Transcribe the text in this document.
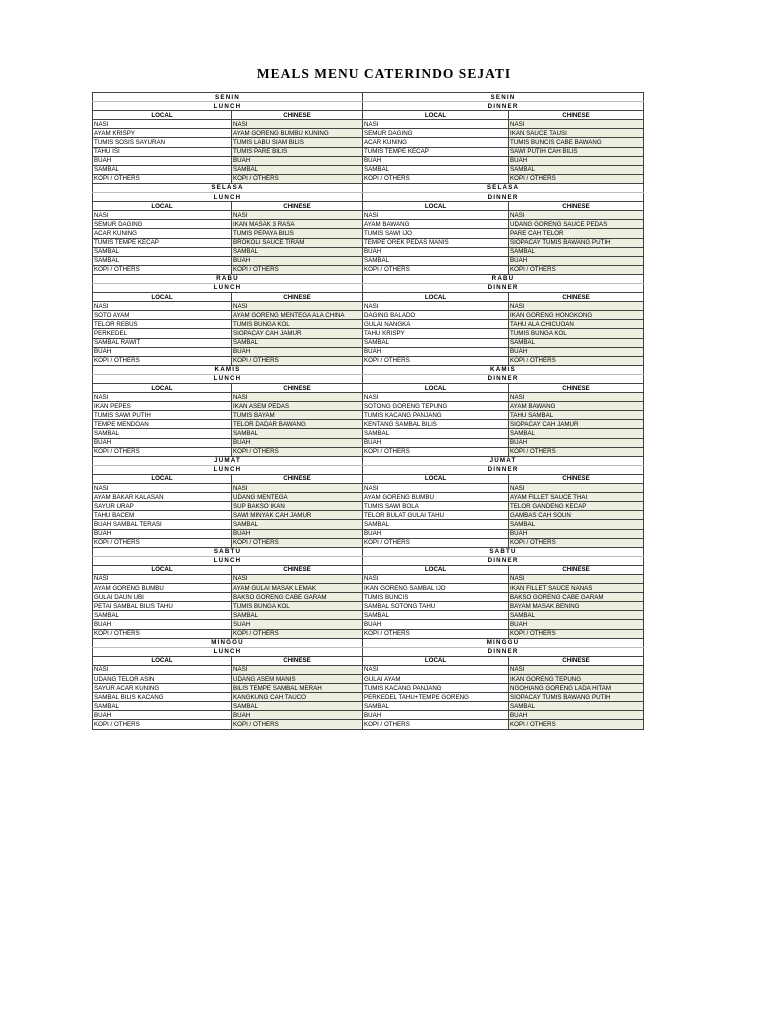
MEALS MENU CATERINDO SEJATI
SENIN		SENIN	
LUNCH		DINNER	
LOCAL	CHINESE	LOCAL	CHINESE
NASI	NASI	NASI	NASI
AYAM KRISPY	AYAM GORENG BUMBU KUNING	SEMUR DAGING	IKAN SAUCE TAUSI
TUMIS SOSIS SAYURAN	TUMIS LABU SIAM BILIS	ACAR KUNING	TUMIS BUNCIS CABE BAWANG
TAHU ISI	TUMIS PARE BILIS	TUMIS TEMPE KECAP	SAWI PUTIH CAH BILIS
BUAH	BUAH	BUAH	BUAH
SAMBAL	SAMBAL	SAMBAL	SAMBAL
KOPI / OTHERS	KOPI / OTHERS	KOPI / OTHERS	KOPI / OTHERS
SELASA		SELASA	
LUNCH		DINNER	
LOCAL	CHINESE	LOCAL	CHINESE
NASI	NASI	NASI	NASI
SEMUR DAGING	IKAN MASAK 3 RASA	AYAM BAWANG	UDANG GORENG SAUCE PEDAS
ACAR KUNING	TUMIS PEPAYA BILIS	TUMIS SAWI IJO	PARE CAH TELOR
TUMIS TEMPE KECAP	BROKOLI SAUCE TIRAM	TEMPE OREK PEDAS MANIS	SIOPACAY TUMIS BAWANG PUTIH
SAMBAL	SAMBAL	BUAH	SAMBAL
SAMBAL	BUAH	SAMBAL	BUAH
KOPI / OTHERS	KOPI / OTHERS	KOPI / OTHERS	KOPI / OTHERS
RABU		RABU	
LUNCH		DINNER	
LOCAL	CHINESE	LOCAL	CHINESE
NASI	NASI	NASI	NASI
SOTO AYAM	AYAM GORENG MENTEGA ALA CHINA	DAGING BALADO	IKAN GORENG HONGKONG
TELOR REBUS	TUMIS BUNGA KOL	GULAI NANGKA	TAHU ALA CHICUOAN
PERKEDEL	SIOPACAY CAH JAMUR	TAHU KRISPY	TUMIS BUNGA KOL
SAMBAL RAWIT	SAMBAL	SAMBAL	SAMBAL
BUAH	BUAH	BUAH	BUAH
KOPI / OTHERS	KOPI / OTHERS	KOPI / OTHERS	KOPI / OTHERS
KAMIS		KAMIS	
LUNCH		DINNER	
LOCAL	CHINESE	LOCAL	CHINESE
NASI	NASI	NASI	NASI
IKAN PEPES	IKAN ASEM PEDAS	SOTONG GORENG TEPUNG	AYAM BAWANG
TUMIS SAWI PUTIH	TUMIS BAYAM	TUMIS KACANG PANJANG	TAHU SAMBAL
TEMPE MENDOAN	TELOR DADAR BAWANG	KENTANG SAMBAL BILIS	SIOPACAY CAH JAMUR
SAMBAL	SAMBAL	SAMBAL	SAMBAL
BUAH	BUAH	BUAH	BUAH
KOPI / OTHERS	KOPI / OTHERS	KOPI / OTHERS	KOPI / OTHERS
JUMAT		JUMAT	
LUNCH		DINNER	
LOCAL	CHINESE	LOCAL	CHINESE
NASI	NASI	NASI	NASI
AYAM BAKAR KALASAN	UDANG MENTEGA	AYAM GORENG BUMBU	AYAM FILLET SAUCE THAI
SAYUR URAP	SUP BAKSO IKAN	TUMIS SAWI BOLA	TELOR GANDENG KECAP
TAHU BACEM	SAWI MINYAK CAH JAMUR	TELOR BULAT GULAI TAHU	GAMBAS CAH SOUN
BUAH SAMBAL TERASI	SAMBAL	SAMBAL	SAMBAL
BUAH	BUAH	BUAH	BUAH
KOPI / OTHERS	KOPI / OTHERS	KOPI / OTHERS	KOPI / OTHERS
SABTU		SABTU	
LUNCH		DINNER	
LOCAL	CHINESE	LOCAL	CHINESE
NASI	NASI	NASI	NASI
AYAM GORENG BUMBU	AYAM GULAI MASAK LEMAK	IKAN GORENG SAMBAL IJO	IKAN FILLET SAUCE NANAS
GULAI DAUN UBI	BAKSO GORENG CABE GARAM	TUMIS BUNCIS	BAKSO GORENG CABE GARAM
PETAI SAMBAL BILIS TAHU	TUMIS BUNGA KOL	SAMBAL SOTONG TAHU	BAYAM MASAK BENING
SAMBAL	SAMBAL	SAMBAL	SAMBAL
BUAH	SUAH	BUAH	BUAH
KOPI / OTHERS	KOPI / OTHERS	KOPI / OTHERS	KOPI / OTHERS
MINGGU		MINGGU	
LUNCH		DINNER	
LOCAL	CHINESE	LOCAL	CHINESE
NASI	NASI	NASI	NASI
UDANG TELOR ASIN	UDANG ASEM MANIS	GULAI AYAM	IKAN GORENG TEPUNG
SAYUR ACAR KUNING	BILIS TEMPE SAMBAL MERAH	TUMIS KACANG PANJANG	NGOHIANG GORENG LADA HITAM
SAMBAL BILIS KACANG	KANGKUNG CAH TAUCO	PERKEDEL TAHU+TEMPE GORENG	SIOPACAY TUMIS BAWANG PUTIH
SAMBAL	SAMBAL	SAMBAL	SAMBAL
BUAH	BUAH	BUAH	BUAH
KOPI / OTHERS	KOPI / OTHERS	KOPI / OTHERS	KOPI / OTHERS
